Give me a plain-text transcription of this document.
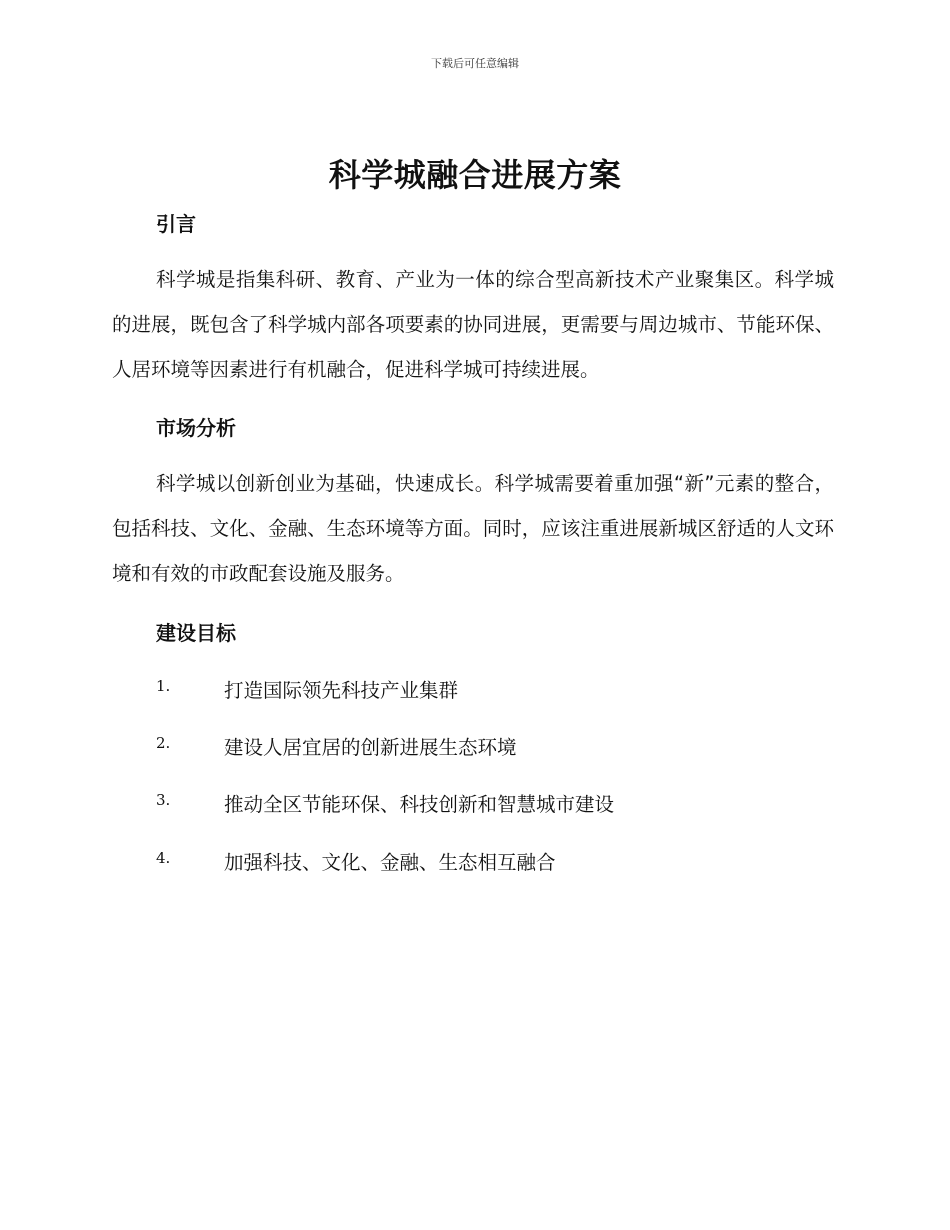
下载后可任意编辑
科学城融合进展方案
引言

科学城是指集科研、教育、产业为一体的综合型高新技术产业聚集区。科学城的进展，既包含了科学城内部各项要素的协同进展，更需要与周边城市、节能环保、人居环境等因素进行有机融合，促进科学城可持续进展。

市场分析

科学城以创新创业为基础，快速成长。科学城需要着重加强“新”元素的整合，包括科技、文化、金融、生态环境等方面。同时，应该注重进展新城区舒适的人文环境和有效的市政配套设施及服务。

建设目标
1.	打造国际领先科技产业集群
2.	建设人居宜居的创新进展生态环境
3.	推动全区节能环保、科技创新和智慧城市建设
4.	加强科技、文化、金融、生态相互融合
